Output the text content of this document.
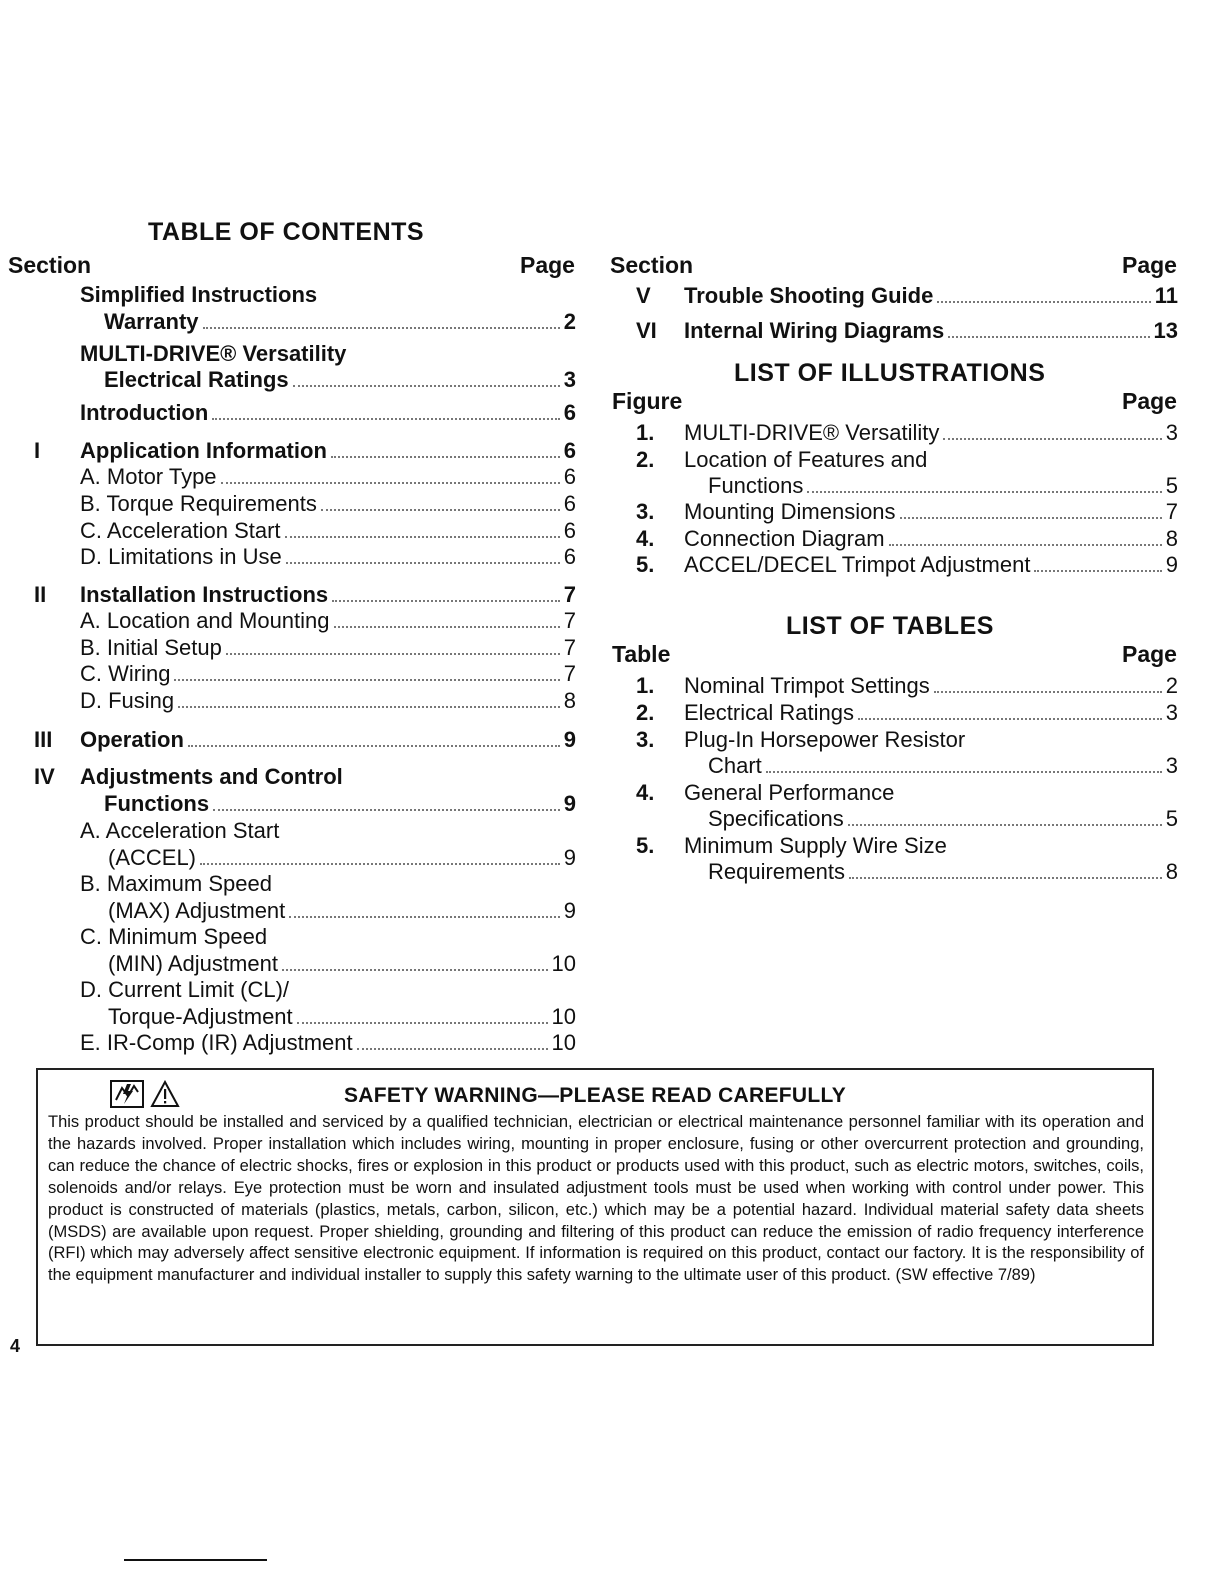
TABLE OF CONTENTS
Section	Page
Simplified Instructions
Warranty	2
MULTI-DRIVE® Versatility
Electrical Ratings	3
Introduction	6
I Application Information	6
A. Motor Type	6
B. Torque Requirements	6
C. Acceleration Start	6
D. Limitations in Use	6
II Installation Instructions	7
A. Location and Mounting	7
B. Initial Setup	7
C. Wiring	7
D. Fusing	8
III Operation	9
IV Adjustments and Control
Functions	9
A. Acceleration Start
(ACCEL)	9
B. Maximum Speed
(MAX) Adjustment	9
C. Minimum Speed
(MIN) Adjustment	10
D. Current Limit (CL)/
Torque-Adjustment	10
E. IR-Comp (IR) Adjustment	10
Section	Page
V Trouble Shooting Guide	11
VI Internal Wiring Diagrams	13
LIST OF ILLUSTRATIONS
Figure	Page
1. MULTI-DRIVE® Versatility	3
2. Location of Features and
Functions	5
3. Mounting Dimensions	7
4. Connection Diagram	8
5. ACCEL/DECEL Trimpot Adjustment	9
LIST OF TABLES
Table	Page
1. Nominal Trimpot Settings	2
2. Electrical Ratings	3
3. Plug-In Horsepower Resistor
Chart	3
4. General Performance
Specifications	5
5. Minimum Supply Wire Size
Requirements	8
SAFETY WARNING—PLEASE READ CAREFULLY
This product should be installed and serviced by a qualified technician, electrician or electrical maintenance personnel familiar with its operation and the hazards involved. Proper installation which includes wiring, mounting in proper enclosure, fusing or other overcurrent protection and grounding, can reduce the chance of electric shocks, fires or explosion in this product or products used with this product, such as electric motors, switches, coils, solenoids and/or relays. Eye protection must be worn and insulated adjustment tools must be used when working with control under power. This product is constructed of materials (plastics, metals, carbon, silicon, etc.) which may be a potential hazard. Individual material safety data sheets (MSDS) are available upon request. Proper shielding, grounding and filtering of this product can reduce the emission of radio frequency interference (RFI) which may adversely affect sensitive electronic equipment. If information is required on this product, contact our factory. It is the responsibility of the equipment manufacturer and individual installer to supply this safety warning to the ultimate user of this product. (SW effective 7/89)
4
